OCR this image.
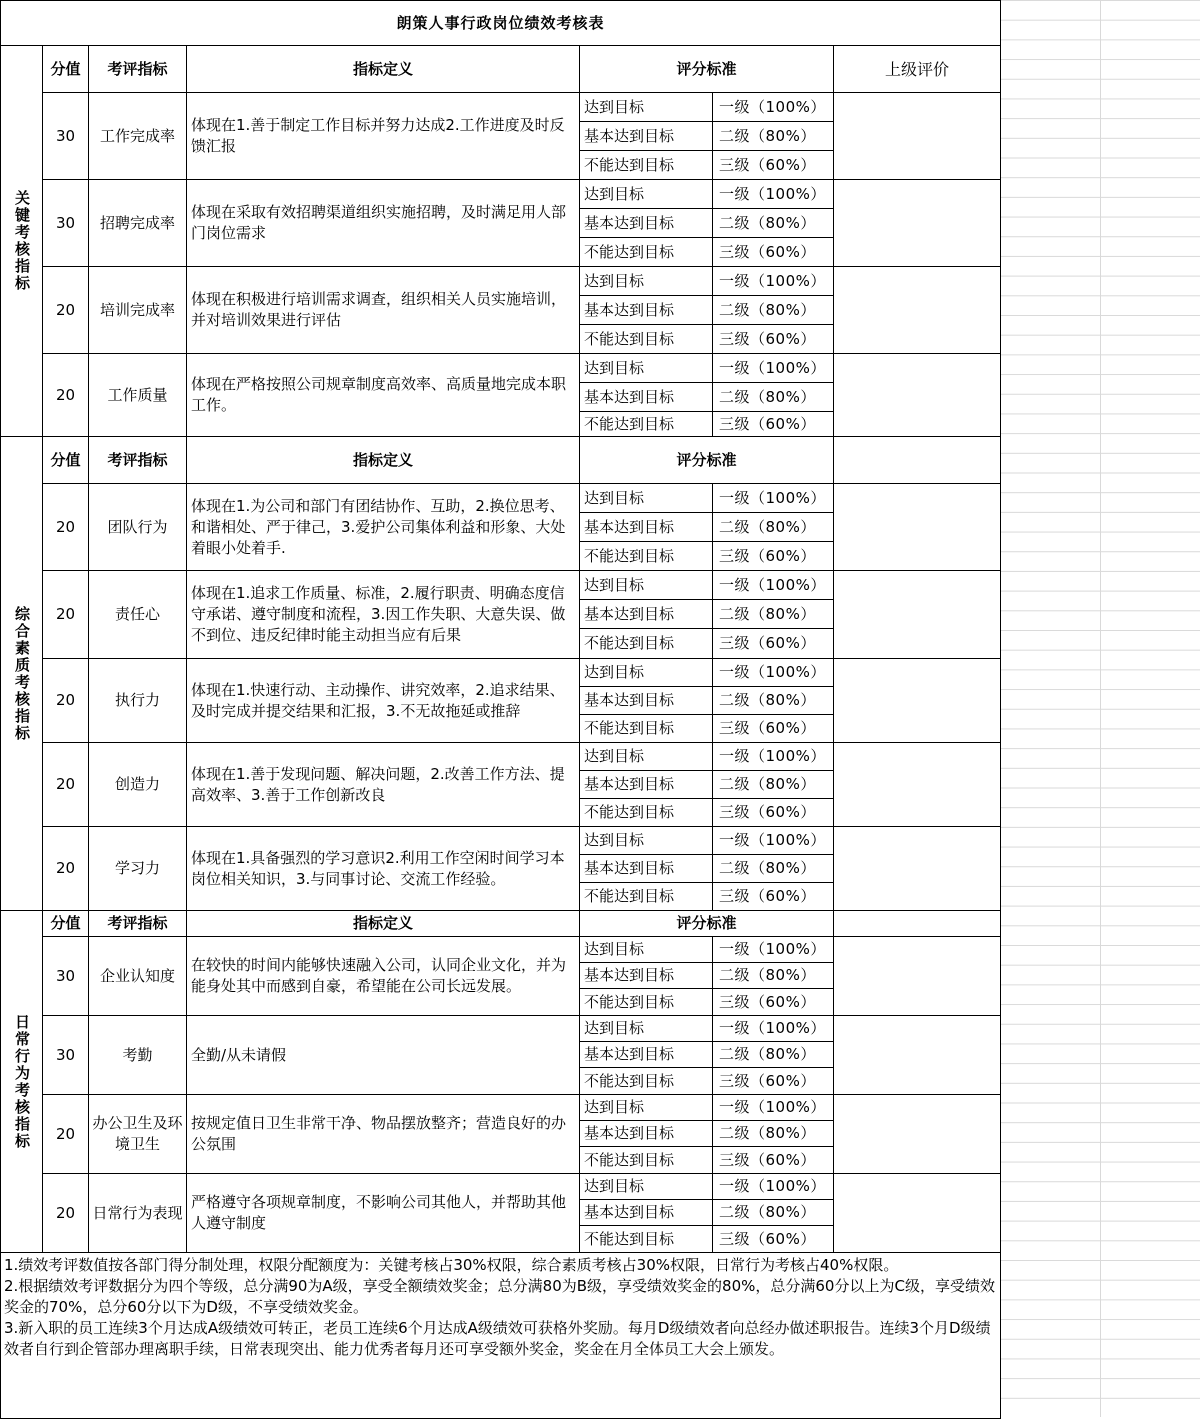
朗策人事行政岗位绩效考核表						
关键考核指标	分值	考评指标	指标定义	评分标准		上级评价
	30	工作完成率	体现在1.善于制定工作目标并努力达成2.工作进度及时反馈汇报	达到目标	一级（100%）	
				基本达到目标	二级（80%）	
				不能达到目标	三级（60%）	
	30	招聘完成率	体现在采取有效招聘渠道组织实施招聘，及时满足用人部门岗位需求	达到目标	一级（100%）	
				基本达到目标	二级（80%）	
				不能达到目标	三级（60%）	
	20	培训完成率	体现在积极进行培训需求调查，组织相关人员实施培训，并对培训效果进行评估	达到目标	一级（100%）	
				基本达到目标	二级（80%）	
				不能达到目标	三级（60%）	
	20	工作质量	体现在严格按照公司规章制度高效率、高质量地完成本职工作。	达到目标	一级（100%）	
				基本达到目标	二级（80%）	
				不能达到目标	三级（60%）	
综合素质考核指标	分值	考评指标	指标定义	评分标准		
	20	团队行为	体现在1.为公司和部门有团结协作、互助，2.换位思考、和谐相处、严于律己，3.爱护公司集体利益和形象、大处着眼小处着手.	达到目标	一级（100%）	
				基本达到目标	二级（80%）	
				不能达到目标	三级（60%）	
	20	责任心	体现在1.追求工作质量、标准，2.履行职责、明确态度信守承诺、遵守制度和流程，3.因工作失职、大意失误、做不到位、违反纪律时能主动担当应有后果	达到目标	一级（100%）	
				基本达到目标	二级（80%）	
				不能达到目标	三级（60%）	
	20	执行力	体现在1.快速行动、主动操作、讲究效率，2.追求结果、及时完成并提交结果和汇报，3.不无故拖延或推辞	达到目标	一级（100%）	
				基本达到目标	二级（80%）	
				不能达到目标	三级（60%）	
	20	创造力	体现在1.善于发现问题、解决问题，2.改善工作方法、提高效率、3.善于工作创新改良	达到目标	一级（100%）	
				基本达到目标	二级（80%）	
				不能达到目标	三级（60%）	
	20	学习力	体现在1.具备强烈的学习意识2.利用工作空闲时间学习本岗位相关知识，3.与同事讨论、交流工作经验。	达到目标	一级（100%）	
				基本达到目标	二级（80%）	
				不能达到目标	三级（60%）	
日常行为考核指标	分值	考评指标	指标定义	评分标准		
	30	企业认知度	在较快的时间内能够快速融入公司，认同企业文化，并为能身处其中而感到自豪，希望能在公司长远发展。	达到目标	一级（100%）	
				基本达到目标	二级（80%）	
				不能达到目标	三级（60%）	
	30	考勤	全勤/从未请假	达到目标	一级（100%）	
				基本达到目标	二级（80%）	
				不能达到目标	三级（60%）	
	20	办公卫生及环境卫生	按规定值日卫生非常干净、物品摆放整齐；营造良好的办公氛围	达到目标	一级（100%）	
				基本达到目标	二级（80%）	
				不能达到目标	三级（60%）	
	20	日常行为表现	严格遵守各项规章制度，不影响公司其他人，并帮助其他人遵守制度	达到目标	一级（100%）	
				基本达到目标	二级（80%）	
				不能达到目标	三级（60%）	

1.绩效考评数值按各部门得分制处理，权限分配额度为：关键考核占30%权限，综合素质考核占30%权限，日常行为考核占40%权限。
2.根据绩效考评数据分为四个等级，总分满90为A级，享受全额绩效奖金；总分满80为B级，享受绩效奖金的80%，总分满60分以上为C级，享受绩效奖金的70%，总分60分以下为D级，不享受绩效奖金。
3.新入职的员工连续3个月达成A级绩效可转正，老员工连续6个月达成A级绩效可获格外奖励。每月D级绩效者向总经办做述职报告。连续3个月D级绩效者自行到企管部办理离职手续，日常表现突出、能力优秀者每月还可享受额外奖金，奖金在月全体员工大会上颁发。						
